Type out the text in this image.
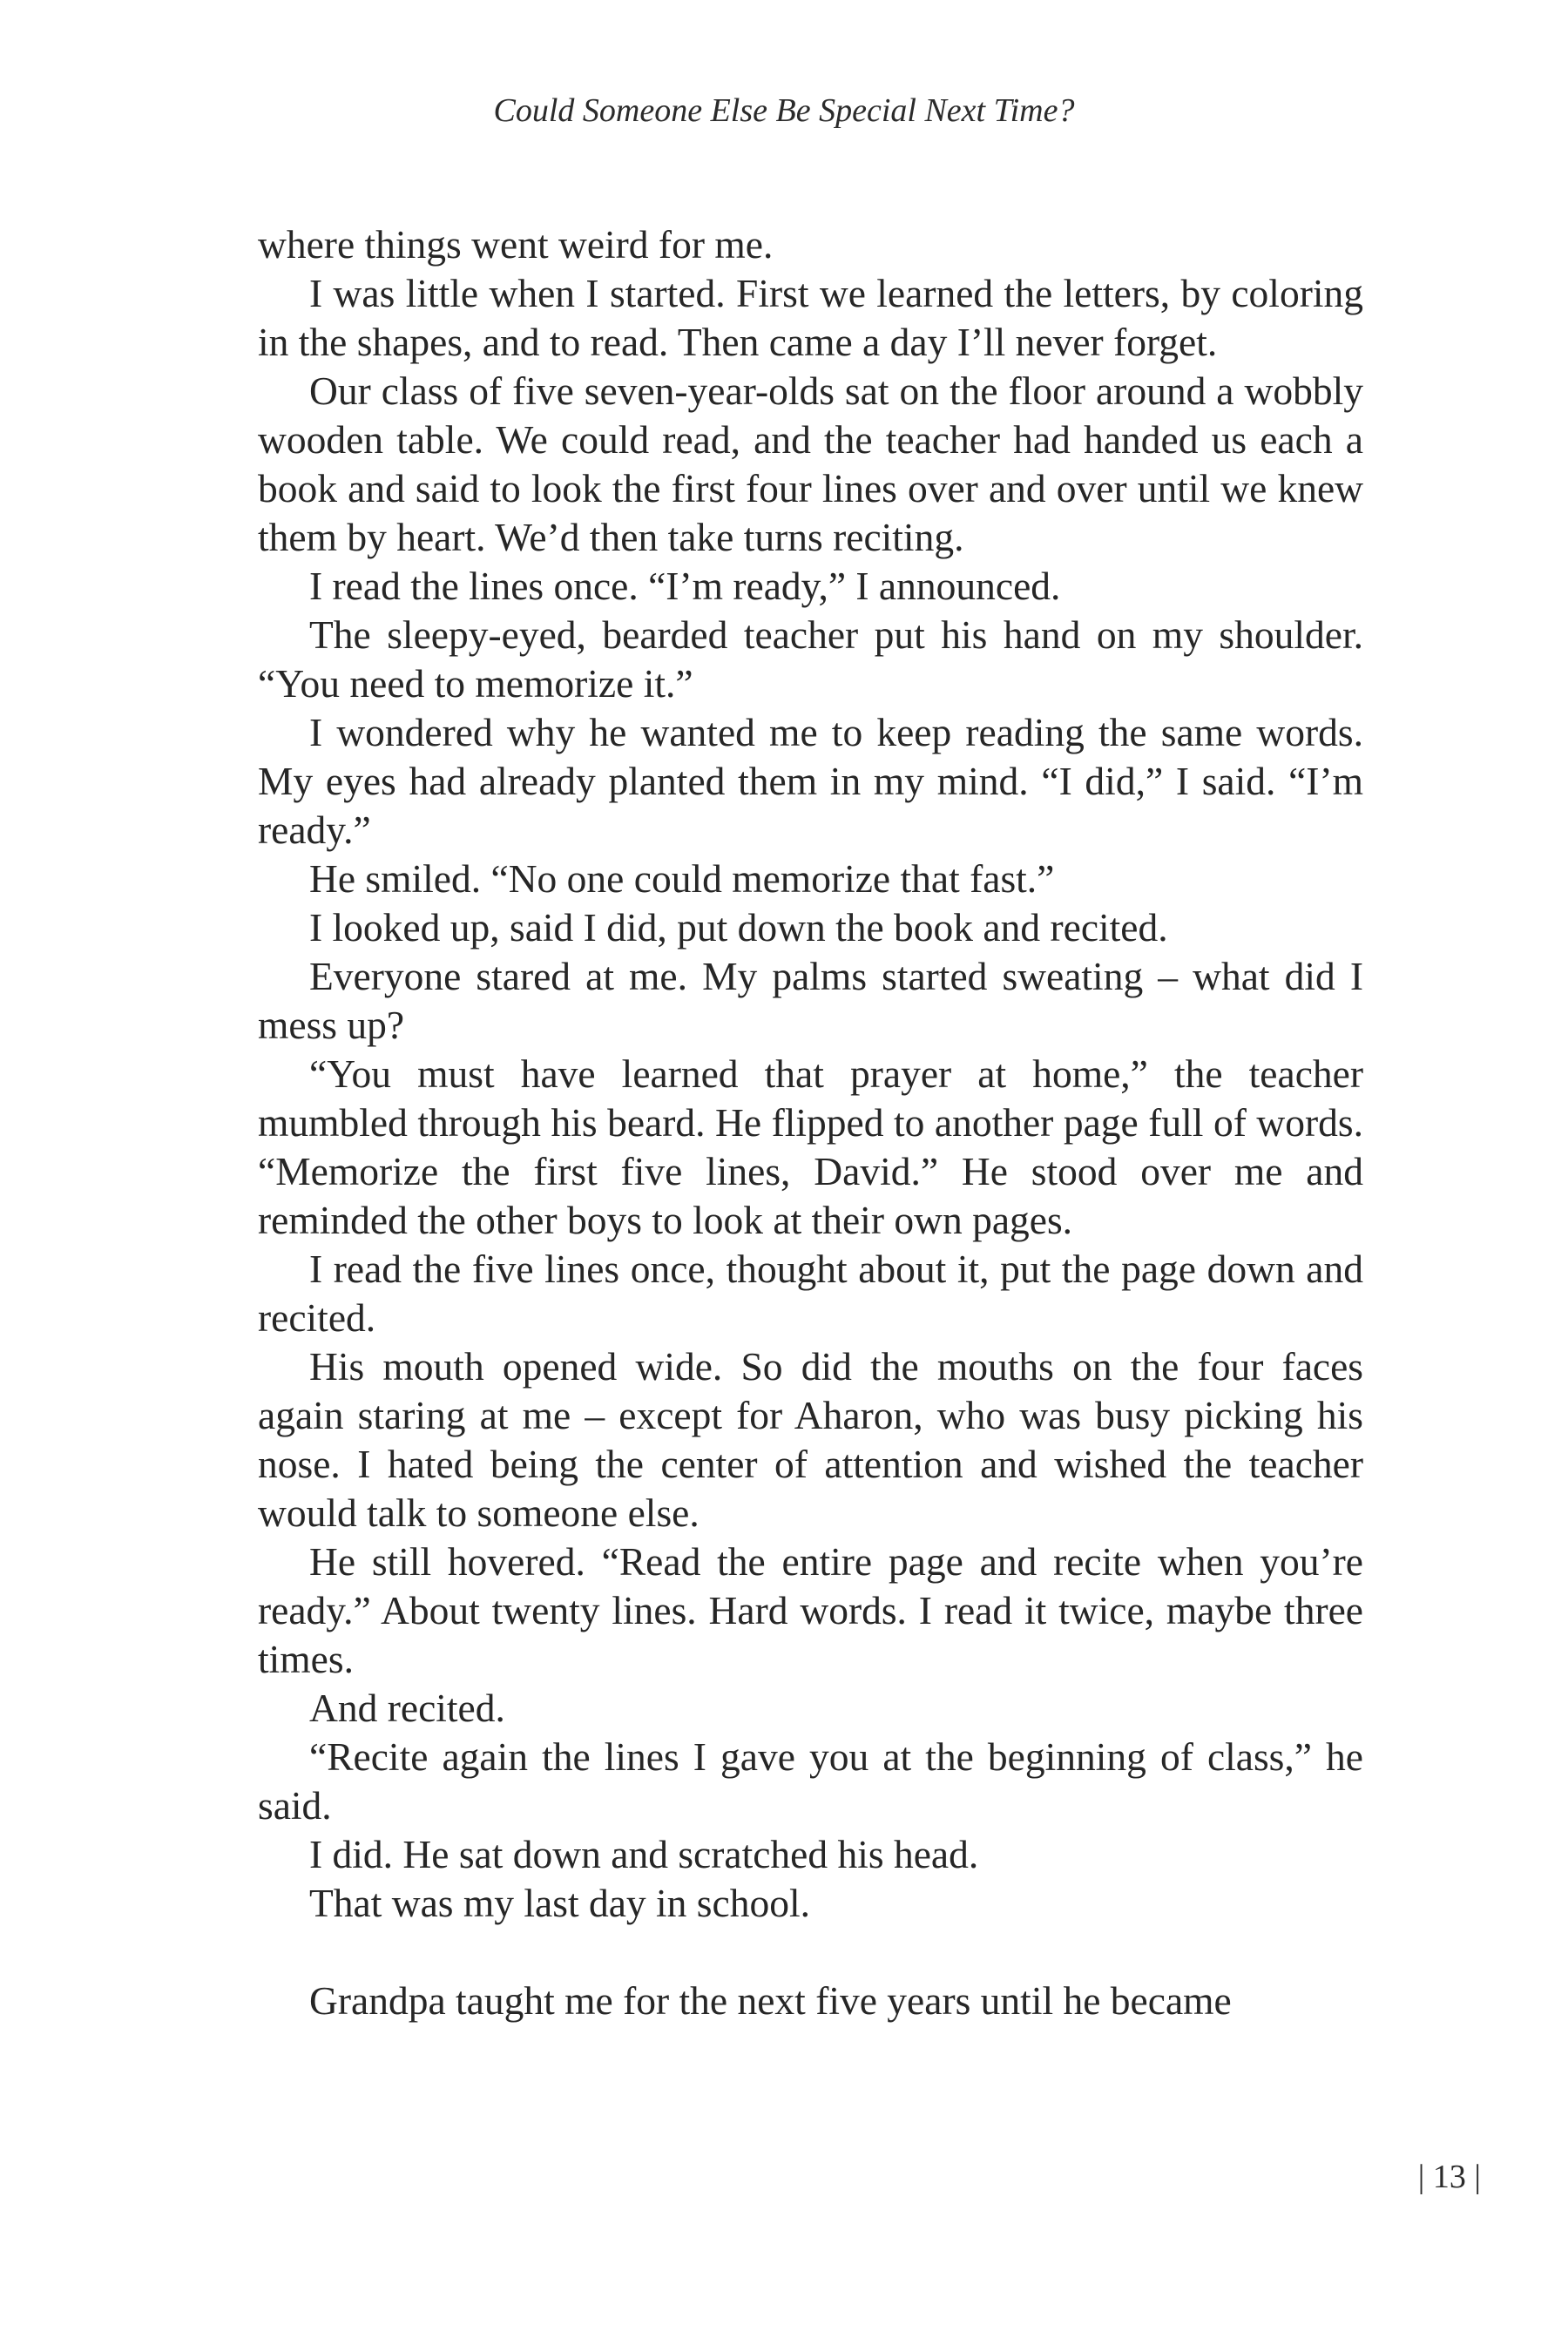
Could Someone Else Be Special Next Time?

where things went weird for me.

I was little when I started. First we learned the letters, by coloring in the shapes, and to read. Then came a day I’ll never forget.

Our class of five seven-year-olds sat on the floor around a wobbly wooden table. We could read, and the teacher had handed us each a book and said to look the first four lines over and over until we knew them by heart. We’d then take turns reciting.

I read the lines once. “I’m ready,” I announced.

The sleepy-eyed, bearded teacher put his hand on my shoulder. “You need to memorize it.”

I wondered why he wanted me to keep reading the same words. My eyes had already planted them in my mind. “I did,” I said. “I’m ready.”

He smiled. “No one could memorize that fast.”

I looked up, said I did, put down the book and recited.

Everyone stared at me. My palms started sweating – what did I mess up?

“You must have learned that prayer at home,” the teacher mumbled through his beard. He flipped to another page full of words. “Memorize the first five lines, David.” He stood over me and reminded the other boys to look at their own pages.

I read the five lines once, thought about it, put the page down and recited.

His mouth opened wide. So did the mouths on the four faces again staring at me – except for Aharon, who was busy picking his nose. I hated being the center of attention and wished the teacher would talk to someone else.

He still hovered. “Read the entire page and recite when you’re ready.” About twenty lines. Hard words. I read it twice, maybe three times.

And recited.

“Recite again the lines I gave you at the beginning of class,” he said.

I did. He sat down and scratched his head.

That was my last day in school.

Grandpa taught me for the next five years until he became

| 13 |
